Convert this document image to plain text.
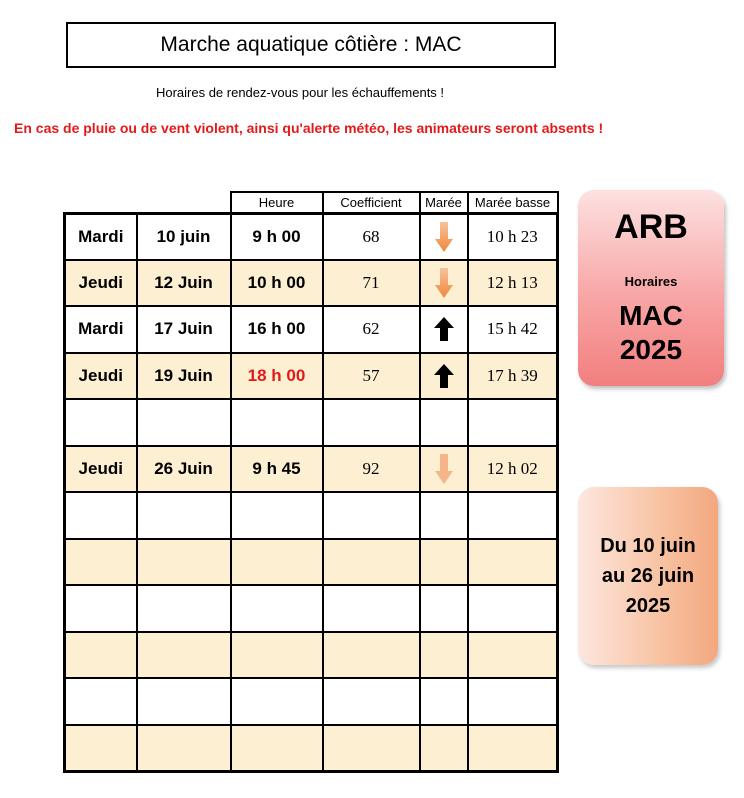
Marche aquatique côtière : MAC
Horaires de rendez-vous pour les échauffements !
En cas de pluie ou de vent violent, ainsi qu'alerte météo, les animateurs seront absents !
		Heure	Coefficient	Marée	Marée basse
Mardi	10 juin	9 h 00	68		10 h 23
Jeudi	12 Juin	10 h 00	71		12 h 13
Mardi	17 Juin	16 h 00	62		15 h 42
Jeudi	19 Juin	18 h 00	57		17 h 39

Jeudi	26 Juin	9 h 45	92		12 h 02

ARB
Horaires
MAC
2025
Du 10 juin au 26 juin 2025
